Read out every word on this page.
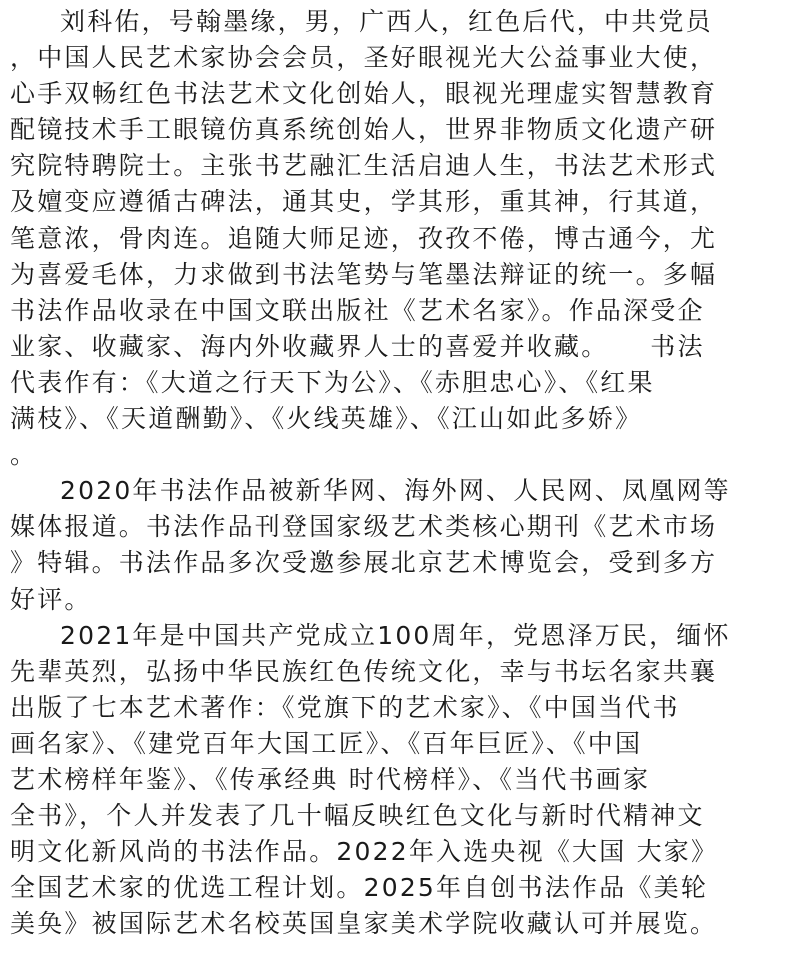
刘科佑，号翰墨缘，男，广西人，红色后代，中共党员
，中国人民艺术家协会会员，圣好眼视光大公益事业大使，
心手双畅红色书法艺术文化创始人，眼视光理虚实智慧教育
配镜技术手工眼镜仿真系统创始人，世界非物质文化遗产研
究院特聘院士。主张书艺融汇生活启迪人生，书法艺术形式
及嬗变应遵循古碑法，通其史，学其形，重其神，行其道，
笔意浓，骨肉连。追随大师足迹，孜孜不倦，博古通今，尤
为喜爱毛体，力求做到书法笔势与笔墨法辩证的统一。多幅
书法作品收录在中国文联出版社《艺术名家》。作品深受企
业家、收藏家、海内外收藏界人士的喜爱并收藏。　　书法
代表作有：《大道之行天下为公》、《赤胆忠心》、《红果
满枝》、《天道酬勤》、《火线英雄》、《江山如此多娇》
。

2020年书法作品被新华网、海外网、人民网、凤凰网等
媒体报道。书法作品刊登国家级艺术类核心期刊《艺术市场
》特辑。书法作品多次受邀参展北京艺术博览会，受到多方
好评。

2021年是中国共产党成立100周年，党恩泽万民，缅怀
先辈英烈，弘扬中华民族红色传统文化，幸与书坛名家共襄
出版了七本艺术著作：《党旗下的艺术家》、《中国当代书
画名家》、《建党百年大国工匠》、《百年巨匠》、《中国
艺术榜样年鉴》、《传承经典 时代榜样》、《当代书画家
全书》，个人并发表了几十幅反映红色文化与新时代精神文
明文化新风尚的书法作品。2022年入选央视《大国 大家》
全国艺术家的优选工程计划。2025年自创书法作品《美轮
美奂》被国际艺术名校英国皇家美术学院收藏认可并展览。
